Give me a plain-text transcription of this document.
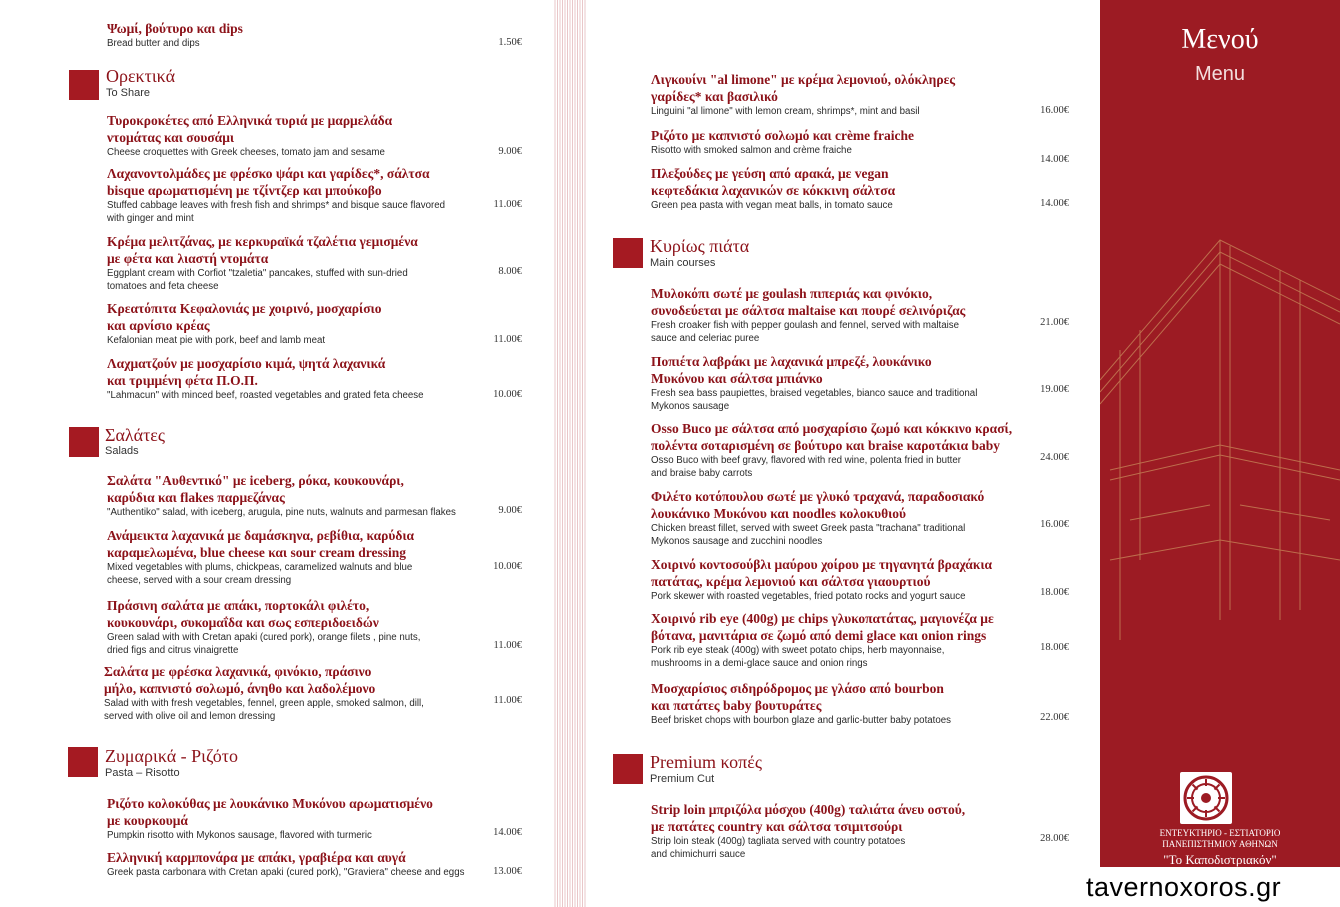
Ψωμί, βούτυρο και dips
Bread butter and dips	1.50€
Ορεκτικά
To Share
Τυροκροκέτες από Ελληνικά τυριά με μαρμελάδα
ντομάτας και σουσάμι
Cheese croquettes with Greek cheeses, tomato jam and sesame	9.00€
Λαχανοντολμάδες με φρέσκο ψάρι και γαρίδες*, σάλτσα
bisque αρωματισμένη με τζίντζερ και μπούκοβο
Stuffed cabbage leaves with fresh fish and shrimps* and bisque sauce flavored
with ginger and mint
11.00€
Κρέμα μελιτζάνας, με κερκυραϊκά τζαλέτια γεμισμένα
με φέτα και λιαστή ντομάτα
Eggplant cream with Corfiot "tzaletia" pancakes, stuffed with sun-dried
tomatoes and feta cheese
8.00€
Κρεατόπιτα Κεφαλονιάς με χοιρινό, μοσχαρίσιο
και αρνίσιο κρέας
Kefalonian meat pie with pork, beef and lamb meat	11.00€
Λαχματζούν με μοσχαρίσιο κιμά, ψητά λαχανικά
και τριμμένη φέτα Π.Ο.Π.
"Lahmacun" with minced beef, roasted vegetables and grated feta cheese	10.00€
Σαλάτες
Salads
Σαλάτα "Αυθεντικό" με iceberg, ρόκα, κουκουνάρι,
καρύδια και flakes παρμεζάνας
"Authentiko" salad, with iceberg, arugula, pine nuts, walnuts and parmesan flakes	9.00€
Ανάμεικτα λαχανικά με δαμάσκηνα, ρεβίθια, καρύδια
καραμελωμένα, blue cheese και sour cream dressing
Mixed vegetables with plums, chickpeas, caramelized walnuts and blue
cheese, served with a sour cream dressing
10.00€
Πράσινη σαλάτα με απάκι, πορτοκάλι φιλέτο,
κουκουνάρι, συκομαΐδα και σως εσπεριδοειδών
Green salad with with Cretan apaki (cured pork), orange filets , pine nuts,
dried figs and citrus vinaigrette	11.00€
Σαλάτα με φρέσκα λαχανικά, φινόκιο, πράσινο
μήλο, καπνιστό σολωμό, άνηθο και λαδολέμονο
Salad with with fresh vegetables, fennel, green apple, smoked salmon, dill,
served with olive oil and lemon dressing
11.00€
Ζυμαρικά - Ριζότο
Pasta – Risotto
Ριζότο κολοκύθας με λουκάνικο Μυκόνου αρωματισμένο
με κουρκουμά
Pumpkin risotto with Mykonos sausage, flavored with turmeric	14.00€
Ελληνική καρμπονάρα με απάκι, γραβιέρα και αυγά
Greek pasta carbonara with Cretan apaki (cured pork), "Graviera" cheese and eggs	13.00€
Λιγκουίνι "al limone" με κρέμα λεμονιού, ολόκληρες
γαρίδες* και βασιλικό
Linguini "al limone" with lemon cream, shrimps*, mint and basil	16.00€
Ριζότο με καπνιστό σολωμό και crème fraiche
Risotto with smoked salmon and crème fraiche
14.00€
Πλεξούδες με γεύση από αρακά, με vegan
κεφτεδάκια λαχανικών σε κόκκινη σάλτσα
Green pea pasta with vegan meat balls, in tomato sauce	14.00€
Κυρίως πιάτα
Main courses
Μυλοκόπι σωτέ με goulash πιπεριάς και φινόκιο,
συνοδεύεται με σάλτσα maltaise και πουρέ σελινόριζας
Fresh croaker fish with pepper goulash and fennel, served with maltaise
sauce and celeriac puree
21.00€
Ποπιέτα λαβράκι με λαχανικά μπρεζέ, λουκάνικο
Μυκόνου και σάλτσα μπιάνκο
Fresh sea bass paupiettes, braised vegetables, bianco sauce and traditional
Mykonos sausage
19.00€
Osso Buco με σάλτσα από μοσχαρίσιο ζωμό και κόκκινο κρασί,
πολέντα σοταρισμένη σε βούτυρο και braise καροτάκια baby
Osso Buco with beef gravy, flavored with red wine, polenta fried in butter
and braise baby carrots
24.00€
Φιλέτο κοτόπουλου σωτέ με γλυκό τραχανά, παραδοσιακό
λουκάνικο Μυκόνου και noodles κολοκυθιού
Chicken breast fillet, served with sweet Greek pasta "trachana" traditional
Mykonos sausage and zucchini noodles
16.00€
Χοιρινό κοντοσούβλι μαύρου χοίρου με τηγανητά βραχάκια
πατάτας, κρέμα λεμονιού και σάλτσα γιαουρτιού
Pork skewer with roasted vegetables, fried potato rocks and yogurt sauce	18.00€
Χοιρινό rib eye (400g) με chips γλυκοπατάτας, μαγιονέζα με
βότανα, μανιτάρια σε ζωμό από demi glace και onion rings
Pork rib eye steak (400g) with sweet potato chips, herb mayonnaise,
mushrooms in a demi-glace sauce and onion rings
18.00€
Μοσχαρίσιος σιδηρόδρομος με γλάσο από bourbon
και πατάτες baby βουτυράτες
Beef brisket chops with bourbon glaze and garlic-butter baby potatoes	22.00€
Premium κοπές
Premium Cut
Strip loin μπριζόλα μόσχου (400g) ταλιάτα άνευ οστού,
με πατάτες country και σάλτσα τσιμιτσούρι
Strip loin steak (400g) tagliata served with country potatoes
and chimichurri sauce
28.00€
Μενού
Menu
ΕΝΤΕΥΚΤΗΡΙΟ - ΕΣΤΙΑΤΟΡΙΟ
ΠΑΝΕΠΙΣΤΗΜΙΟΥ ΑΘΗΝΩΝ
"Το Καποδιστριακόν"
tavernoxoros.gr
